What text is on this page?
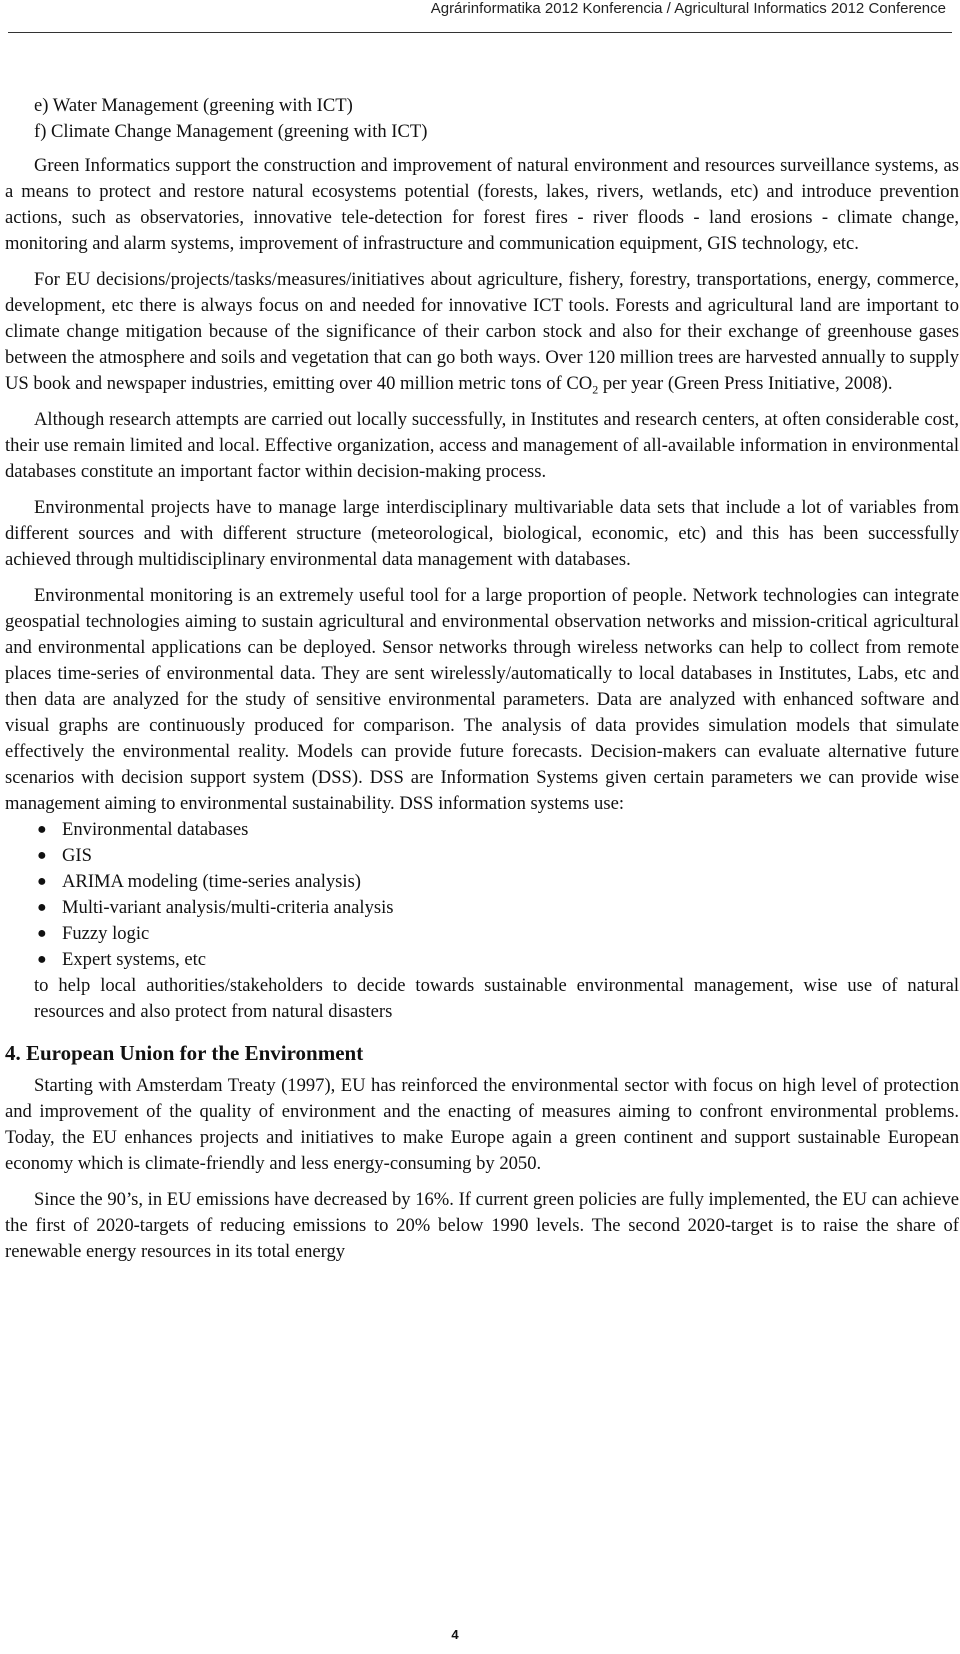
Agrárinformatika 2012 Konferencia / Agricultural Informatics 2012 Conference
e) Water Management (greening with ICT)
f) Climate Change Management (greening with ICT)

Green Informatics support the construction and improvement of natural environment and resources surveillance systems, as a means to protect and restore natural ecosystems potential (forests, lakes, rivers, wetlands, etc) and introduce prevention actions, such as observatories, innovative tele-detection for forest fires - river floods - land erosions - climate change, monitoring and alarm systems, improvement of infrastructure and communication equipment, GIS technology, etc.

For EU decisions/projects/tasks/measures/initiatives about agriculture, fishery, forestry, transportations, energy, commerce, development, etc there is always focus on and needed for innovative ICT tools. Forests and agricultural land are important to climate change mitigation because of the significance of their carbon stock and also for their exchange of greenhouse gases between the atmosphere and soils and vegetation that can go both ways. Over 120 million trees are harvested annually to supply US book and newspaper industries, emitting over 40 million metric tons of $CO_2$ per year (Green Press Initiative, 2008).

Although research attempts are carried out locally successfully, in Institutes and research centers, at often considerable cost, their use remain limited and local. Effective organization, access and management of all-available information in environmental databases constitute an important factor within decision-making process.

Environmental projects have to manage large interdisciplinary multivariable data sets that include a lot of variables from different sources and with different structure (meteorological, biological, economic, etc) and this has been successfully achieved through multidisciplinary environmental data management with databases.

Environmental monitoring is an extremely useful tool for a large proportion of people. Network technologies can integrate geospatial technologies aiming to sustain agricultural and environmental observation networks and mission-critical agricultural and environmental applications can be deployed. Sensor networks through wireless networks can help to collect from remote places time-series of environmental data. They are sent wirelessly/automatically to local databases in Institutes, Labs, etc and then data are analyzed for the study of sensitive environmental parameters. Data are analyzed with enhanced software and visual graphs are continuously produced for comparison. The analysis of data provides simulation models that simulate effectively the environmental reality. Models can provide future forecasts. Decision-makers can evaluate alternative future scenarios with decision support system (DSS). DSS are Information Systems given certain parameters we can provide wise management aiming to environmental sustainability. DSS information systems use:

● Environmental databases
● GIS
● ARIMA modeling (time-series analysis)
● Multi-variant analysis/multi-criteria analysis
● Fuzzy logic
● Expert systems, etc

to help local authorities/stakeholders to decide towards sustainable environmental management, wise use of natural resources and also protect from natural disasters

4. European Union for the Environment

Starting with Amsterdam Treaty (1997), EU has reinforced the environmental sector with focus on high level of protection and improvement of the quality of environment and the enacting of measures aiming to confront environmental problems. Today, the EU enhances projects and initiatives to make Europe again a green continent and support sustainable European economy which is climate-friendly and less energy-consuming by 2050.

Since the 90’s, in EU emissions have decreased by 16%. If current green policies are fully implemented, the EU can achieve the first of 2020-targets of reducing emissions to 20% below 1990 levels. The second 2020-target is to raise the share of renewable energy resources in its total energy

4
